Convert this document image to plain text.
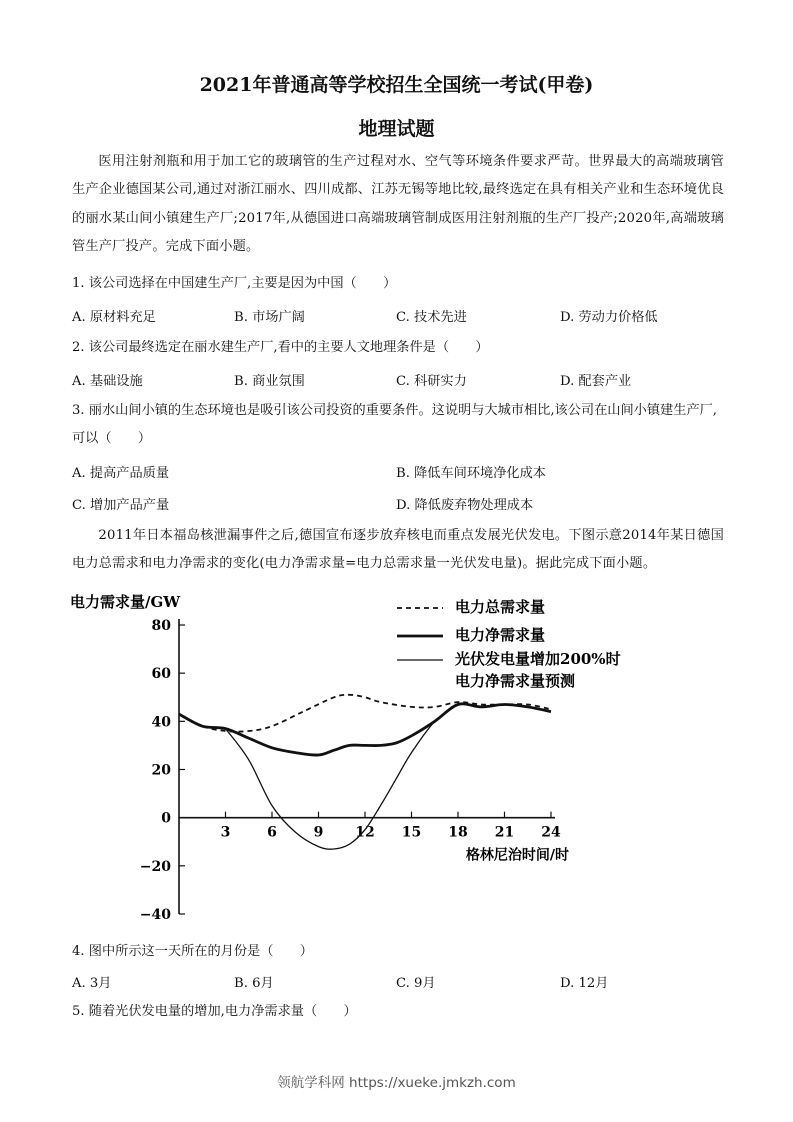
2021年普通高等学校招生全国统一考试(甲卷)
地理试题
医用注射剂瓶和用于加工它的玻璃管的生产过程对水、空气等环境条件要求严苛。世界最大的高端玻璃管生产企业德国某公司,通过对浙江丽水、四川成都、江苏无锡等地比较,最终选定在具有相关产业和生态环境优良的丽水某山间小镇建生产厂;2017年,从德国进口高端玻璃管制成医用注射剂瓶的生产厂投产;2020年,高端玻璃管生产厂投产。完成下面小题。
1. 该公司选择在中国建生产厂,主要是因为中国（　　）
A. 原材料充足	B. 市场广阔	C. 技术先进	D. 劳动力价格低
2. 该公司最终选定在丽水建生产厂,看中的主要人文地理条件是（　　）
A. 基础设施	B. 商业氛围	C. 科研实力	D. 配套产业
3. 丽水山间小镇的生态环境也是吸引该公司投资的重要条件。这说明与大城市相比,该公司在山间小镇建生产厂,可以（　　）
A. 提高产品质量	B. 降低车间环境净化成本
C. 增加产品产量	D. 降低废弃物处理成本
2011年日本福岛核泄漏事件之后,德国宣布逐步放弃核电而重点发展光伏发电。下图示意2014年某日德国电力总需求和电力净需求的变化(电力净需求量=电力总需求量一光伏发电量)。据此完成下面小题。
电力需求量/GW
80
60
40
20
0
−20
−40
3	6	9 12 15 18 21 24
电力总需求量
电力净需求量
光伏发电量增加200%时
电力净需求量预测
格林尼治时间/时
4. 图中所示这一天所在的月份是（　　）
A. 3月	B. 6月	C. 9月	D. 12月
5. 随着光伏发电量的增加,电力净需求量（　　）
领航学科网 https://xueke.jmkzh.com
